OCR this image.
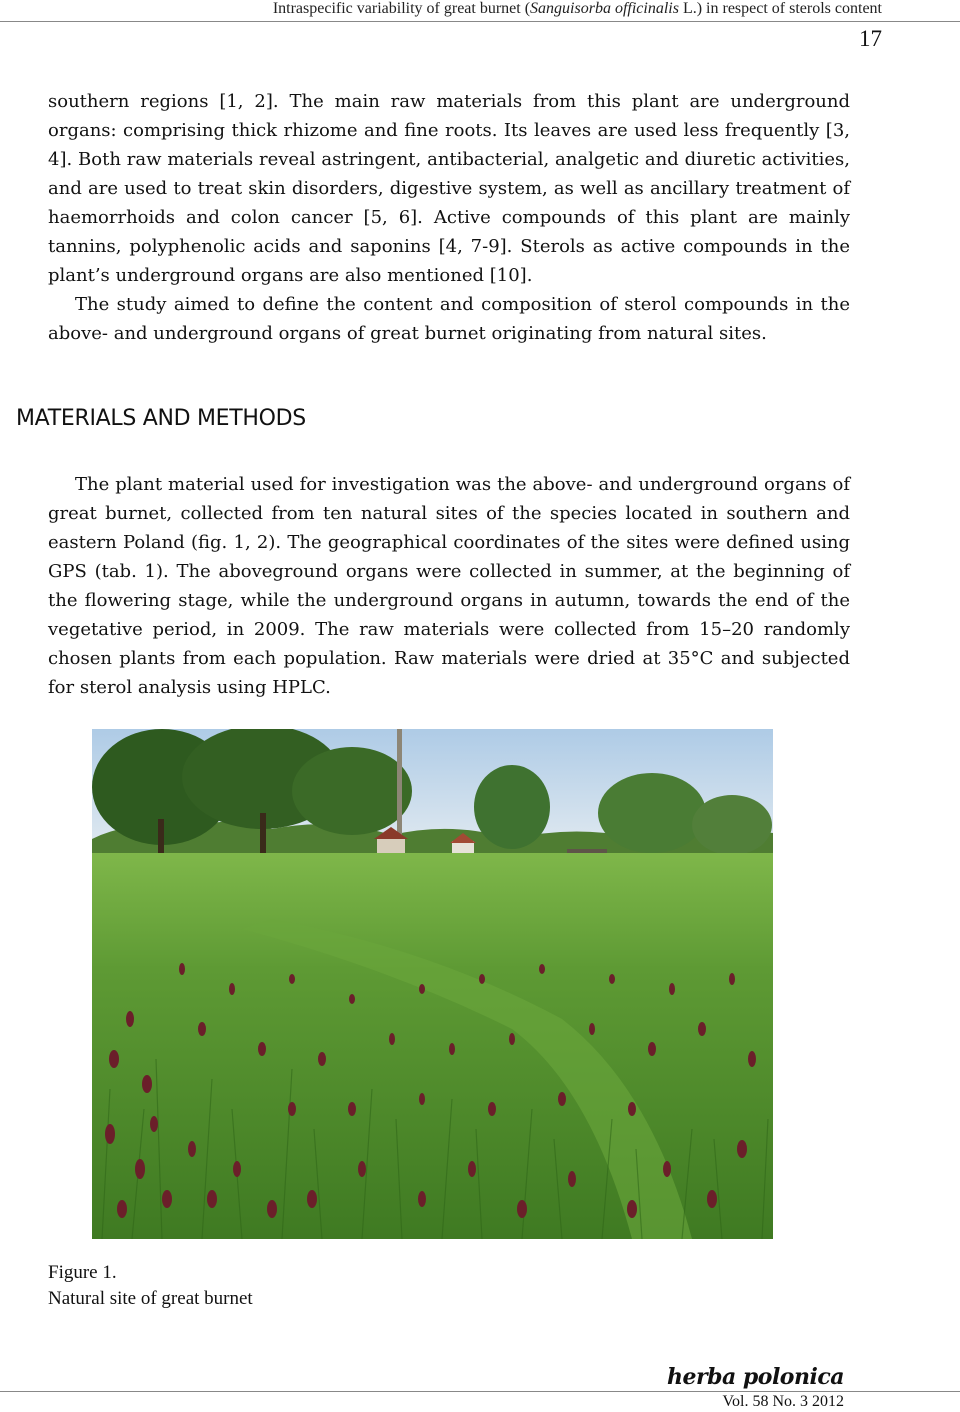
Intraspecific variability of great burnet (Sanguisorba officinalis L.) in respect of sterols content
17

southern regions [1, 2]. The main raw materials from this plant are underground organs: comprising thick rhizome and fine roots. Its leaves are used less frequently [3, 4]. Both raw materials reveal astringent, antibacterial, analgetic and diuretic activities, and are used to treat skin disorders, digestive system, as well as ancillary treatment of haemorrhoids and colon cancer [5, 6]. Active compounds of this plant are mainly tannins, polyphenolic acids and saponins [4, 7-9]. Sterols as active compounds in the plant’s underground organs are also mentioned [10].

The study aimed to define the content and composition of sterol compounds in the above- and underground organs of great burnet originating from natural sites.

MATERIALS AND METHODS

The plant material used for investigation was the above- and underground organs of great burnet, collected from ten natural sites of the species located in southern and eastern Poland (fig. 1, 2). The geographical coordinates of the sites were defined using GPS (tab. 1). The aboveground organs were collected in summer, at the beginning of the flowering stage, while the underground organs in autumn, towards the end of the vegetative period, in 2009. The raw materials were collected from 15–20 randomly chosen plants from each population. Raw materials were dried at 35°C and subjected for sterol analysis using HPLC.

Figure 1.
Natural site of great burnet
herba polonica
Vol. 58 No. 3 2012
